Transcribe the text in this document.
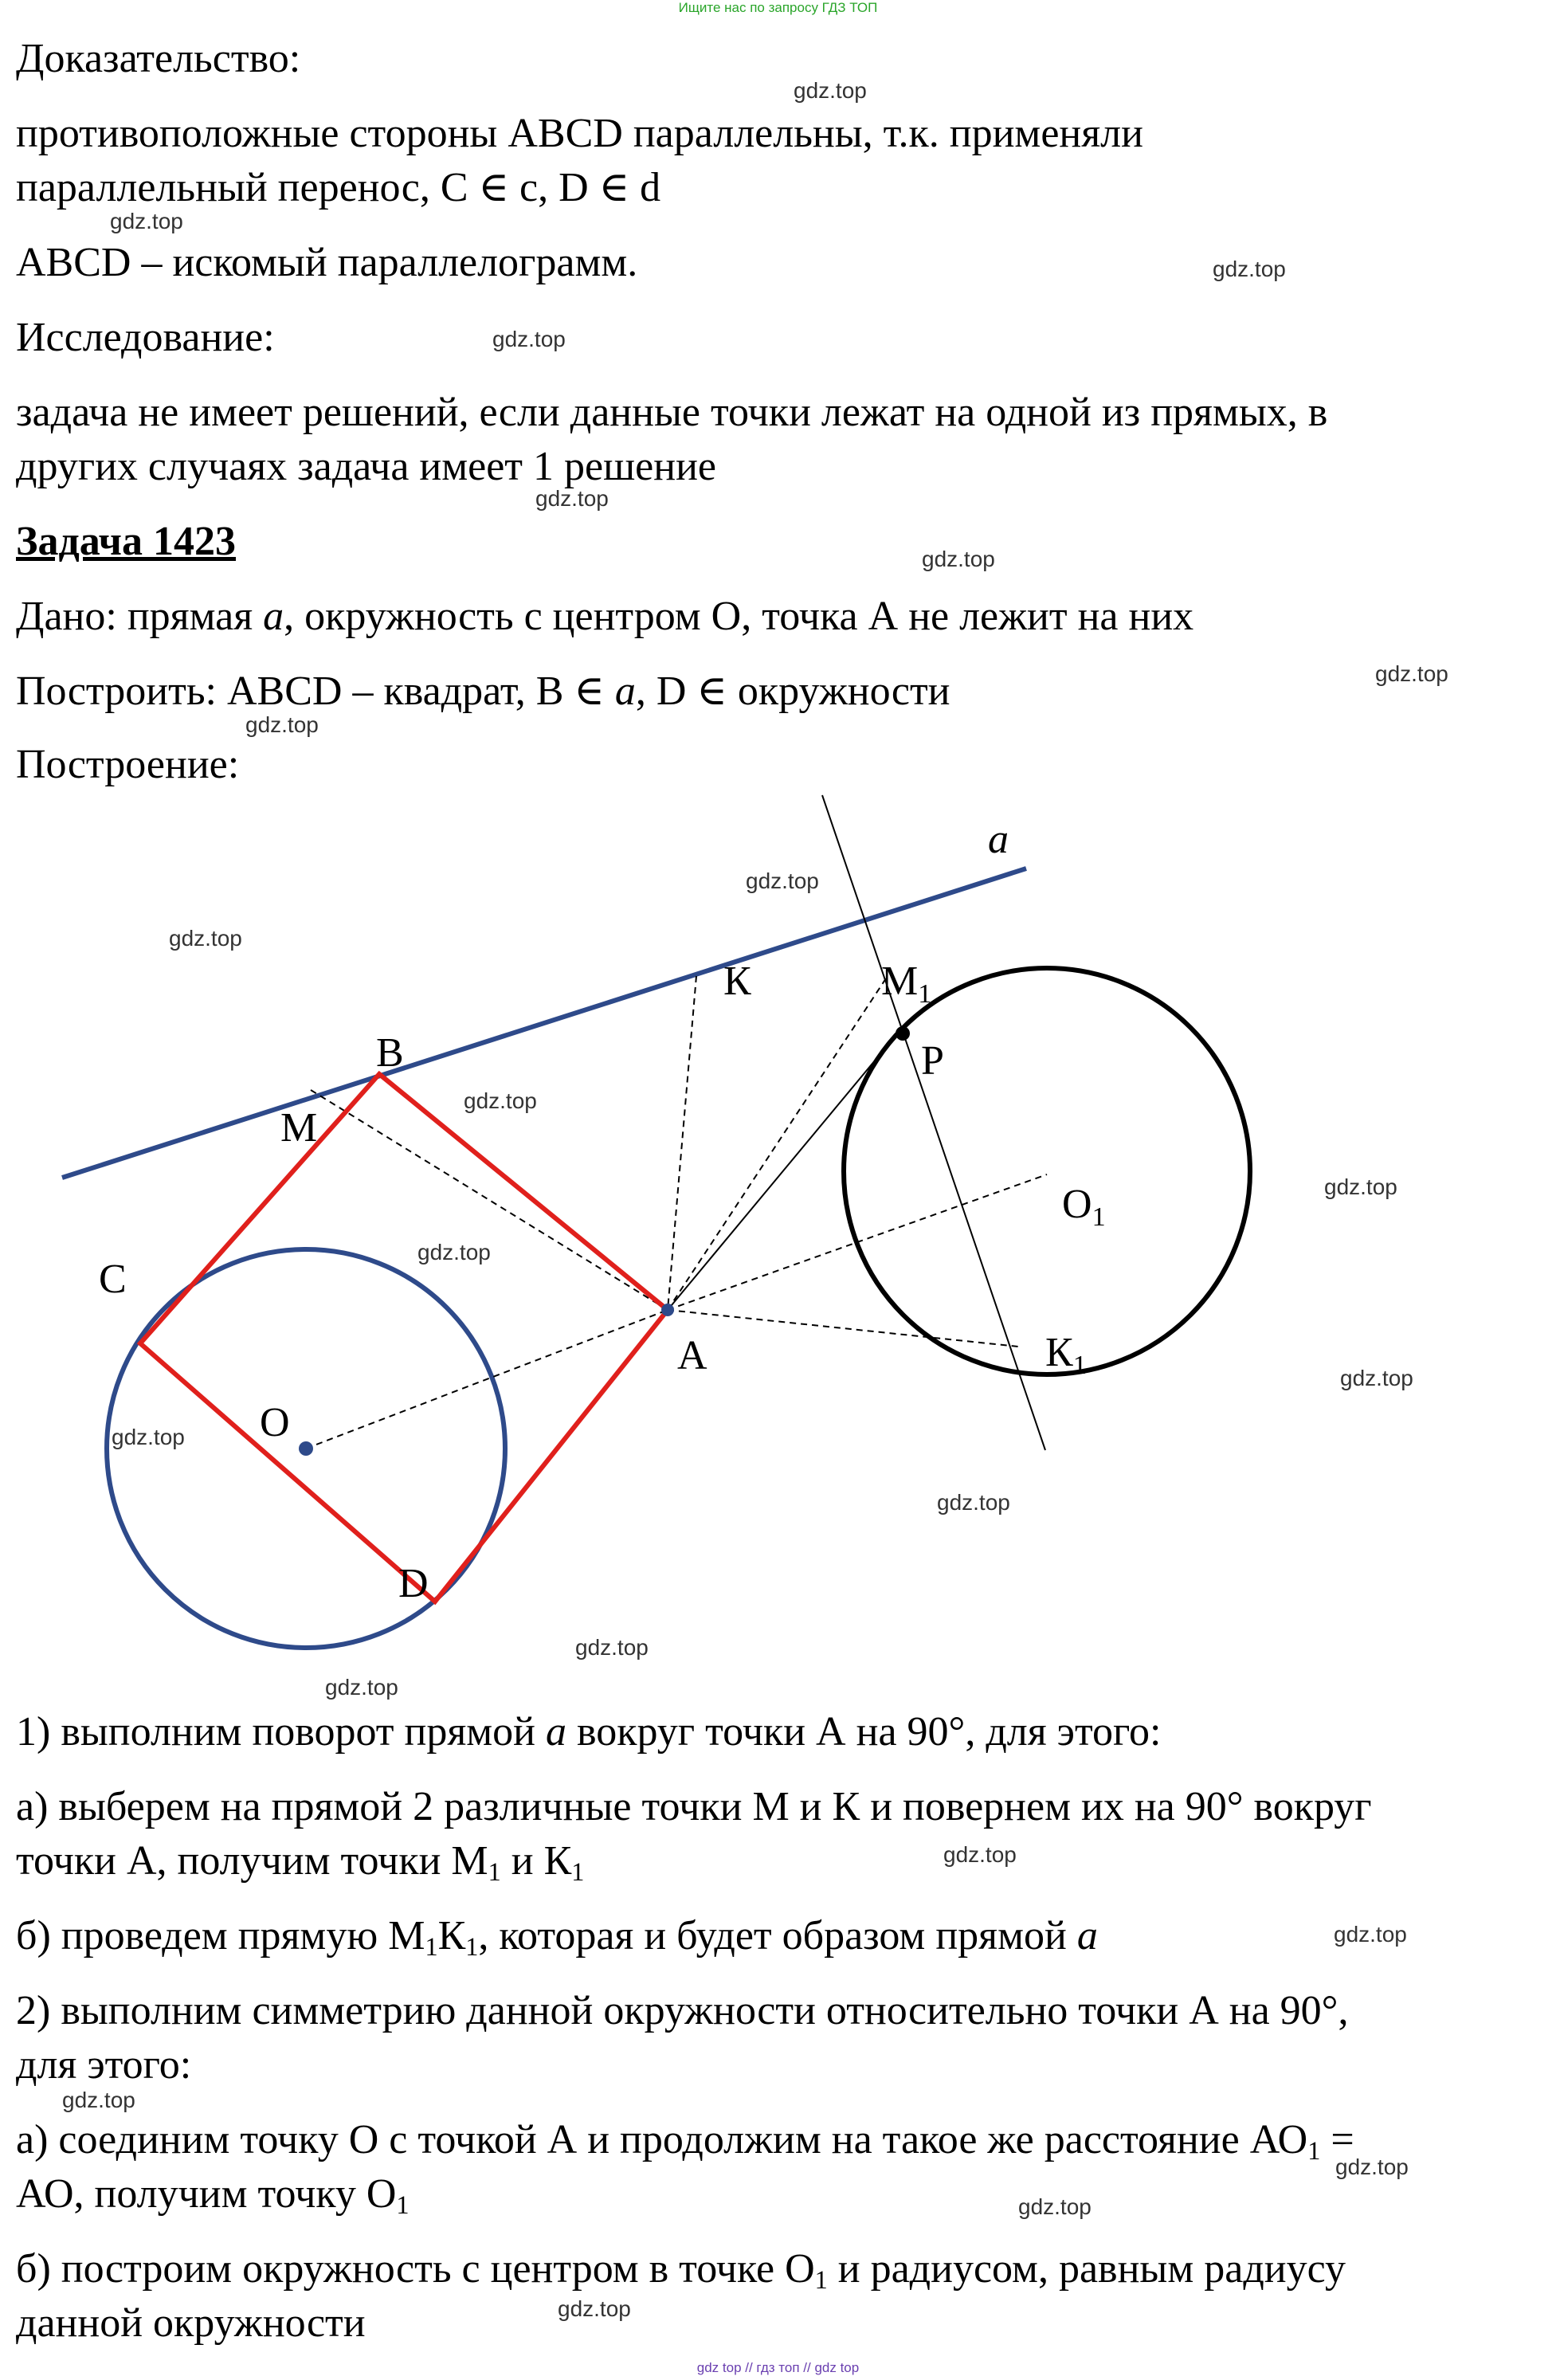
Ищите нас по запросу ГДЗ ТОП
Доказательство:
противоположные стороны ABCD параллельны, т.к. применяли
параллельный перенос, C ∈ c, D ∈ d
ABCD – искомый параллелограмм.
Исследование:
задача не имеет решений, если данные точки лежат на одной из прямых, в
других случаях задача имеет 1 решение
Задача 1423
Дано: прямая a, окружность с центром О, точка А не лежит на них
Построить: ABCD – квадрат, B ∈ a, D ∈ окружности
Построение:
a
B
M
К	M1
P
O1
C
A	К1
O
D
1) выполним поворот прямой a вокруг точки А на 90°, для этого:
а) выберем на прямой 2 различные точки М и К и повернем их на 90° вокруг
точки А, получим точки $М_1$ и $К_1$
б) проведем прямую $М_1К_1$, которая и будет образом прямой a
2) выполним симметрию данной окружности относительно точки А на 90°,
для этого:
а) соединим точку О с точкой А и продолжим на такое же расстояние $АО_1$ =
АО, получим точку $О_1$
б) построим окружность с центром в точке $О_1$ и радиусом, равным радиусу
данной окружности
gdz.top
gdz.top
gdz.top
gdz.top
gdz.top
gdz.top
gdz.top
gdz.top
gdz.top
gdz.top
gdz.top
gdz.top
gdz.top
gdz.top
gdz.top
gdz.top
gdz.top
gdz.top
gdz.top
gdz.top
gdz.top
gdz.top
gdz.top
gdz.top
gdz top // гдз топ // gdz top
